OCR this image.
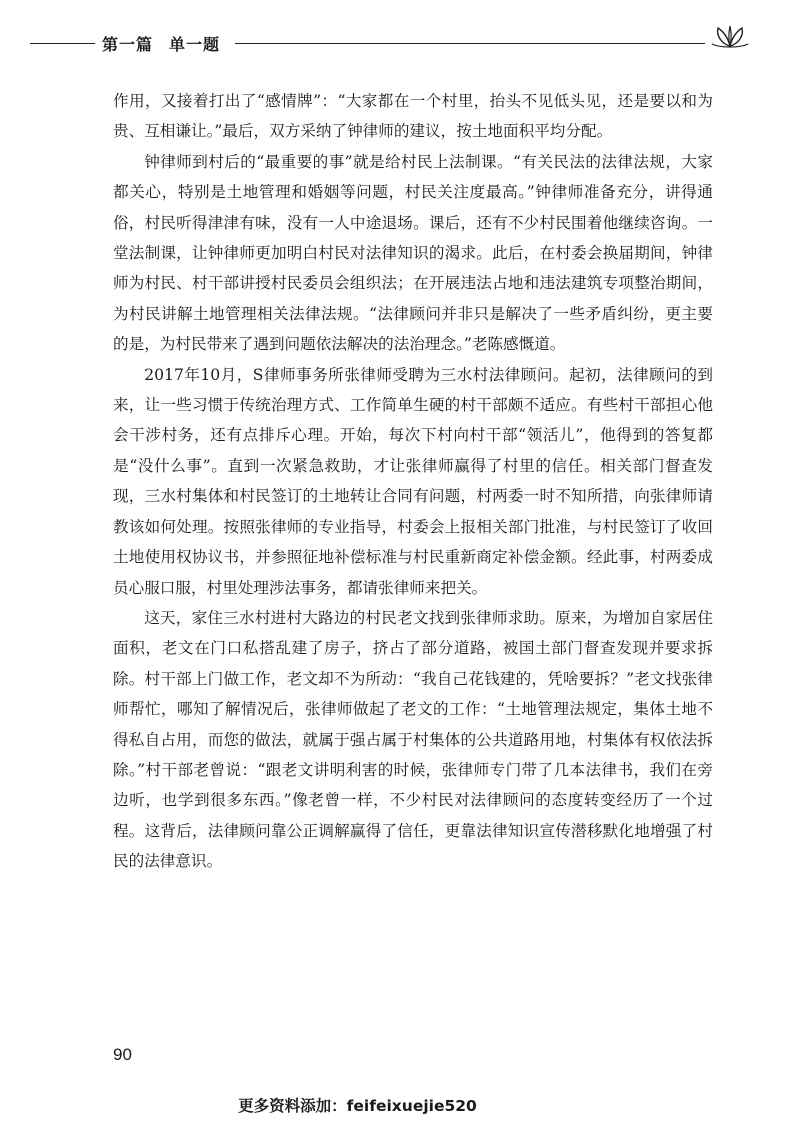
第一篇 单一题

作用，又接着打出了“感情牌”：“大家都在一个村里，抬头不见低头见，还是要以和为贵、互相谦让。”最后，双方采纳了钟律师的建议，按土地面积平均分配。

钟律师到村后的“最重要的事”就是给村民上法制课。“有关民法的法律法规，大家都关心，特别是土地管理和婚姻等问题，村民关注度最高。”钟律师准备充分，讲得通俗，村民听得津津有味，没有一人中途退场。课后，还有不少村民围着他继续咨询。一堂法制课，让钟律师更加明白村民对法律知识的渴求。此后，在村委会换届期间，钟律师为村民、村干部讲授村民委员会组织法；在开展违法占地和违法建筑专项整治期间，为村民讲解土地管理相关法律法规。“法律顾问并非只是解决了一些矛盾纠纷，更主要的是，为村民带来了遇到问题依法解决的法治理念。”老陈感慨道。

2017年10月，S律师事务所张律师受聘为三水村法律顾问。起初，法律顾问的到来，让一些习惯于传统治理方式、工作简单生硬的村干部颇不适应。有些村干部担心他会干涉村务，还有点排斥心理。开始，每次下村向村干部“领活儿”，他得到的答复都是“没什么事”。直到一次紧急救助，才让张律师赢得了村里的信任。相关部门督查发现，三水村集体和村民签订的土地转让合同有问题，村两委一时不知所措，向张律师请教该如何处理。按照张律师的专业指导，村委会上报相关部门批准，与村民签订了收回土地使用权协议书，并参照征地补偿标准与村民重新商定补偿金额。经此事，村两委成员心服口服，村里处理涉法事务，都请张律师来把关。

这天，家住三水村进村大路边的村民老文找到张律师求助。原来，为增加自家居住面积，老文在门口私搭乱建了房子，挤占了部分道路，被国土部门督查发现并要求拆除。村干部上门做工作，老文却不为所动：“我自己花钱建的，凭啥要拆？”老文找张律师帮忙，哪知了解情况后，张律师做起了老文的工作：“土地管理法规定，集体土地不得私自占用，而您的做法，就属于强占属于村集体的公共道路用地，村集体有权依法拆除。”村干部老曾说：“跟老文讲明利害的时候，张律师专门带了几本法律书，我们在旁边听，也学到很多东西。”像老曾一样，不少村民对法律顾问的态度转变经历了一个过程。这背后，法律顾问靠公正调解赢得了信任，更靠法律知识宣传潜移默化地增强了村民的法律意识。

90
更多资料添加：feifeixuejie520
